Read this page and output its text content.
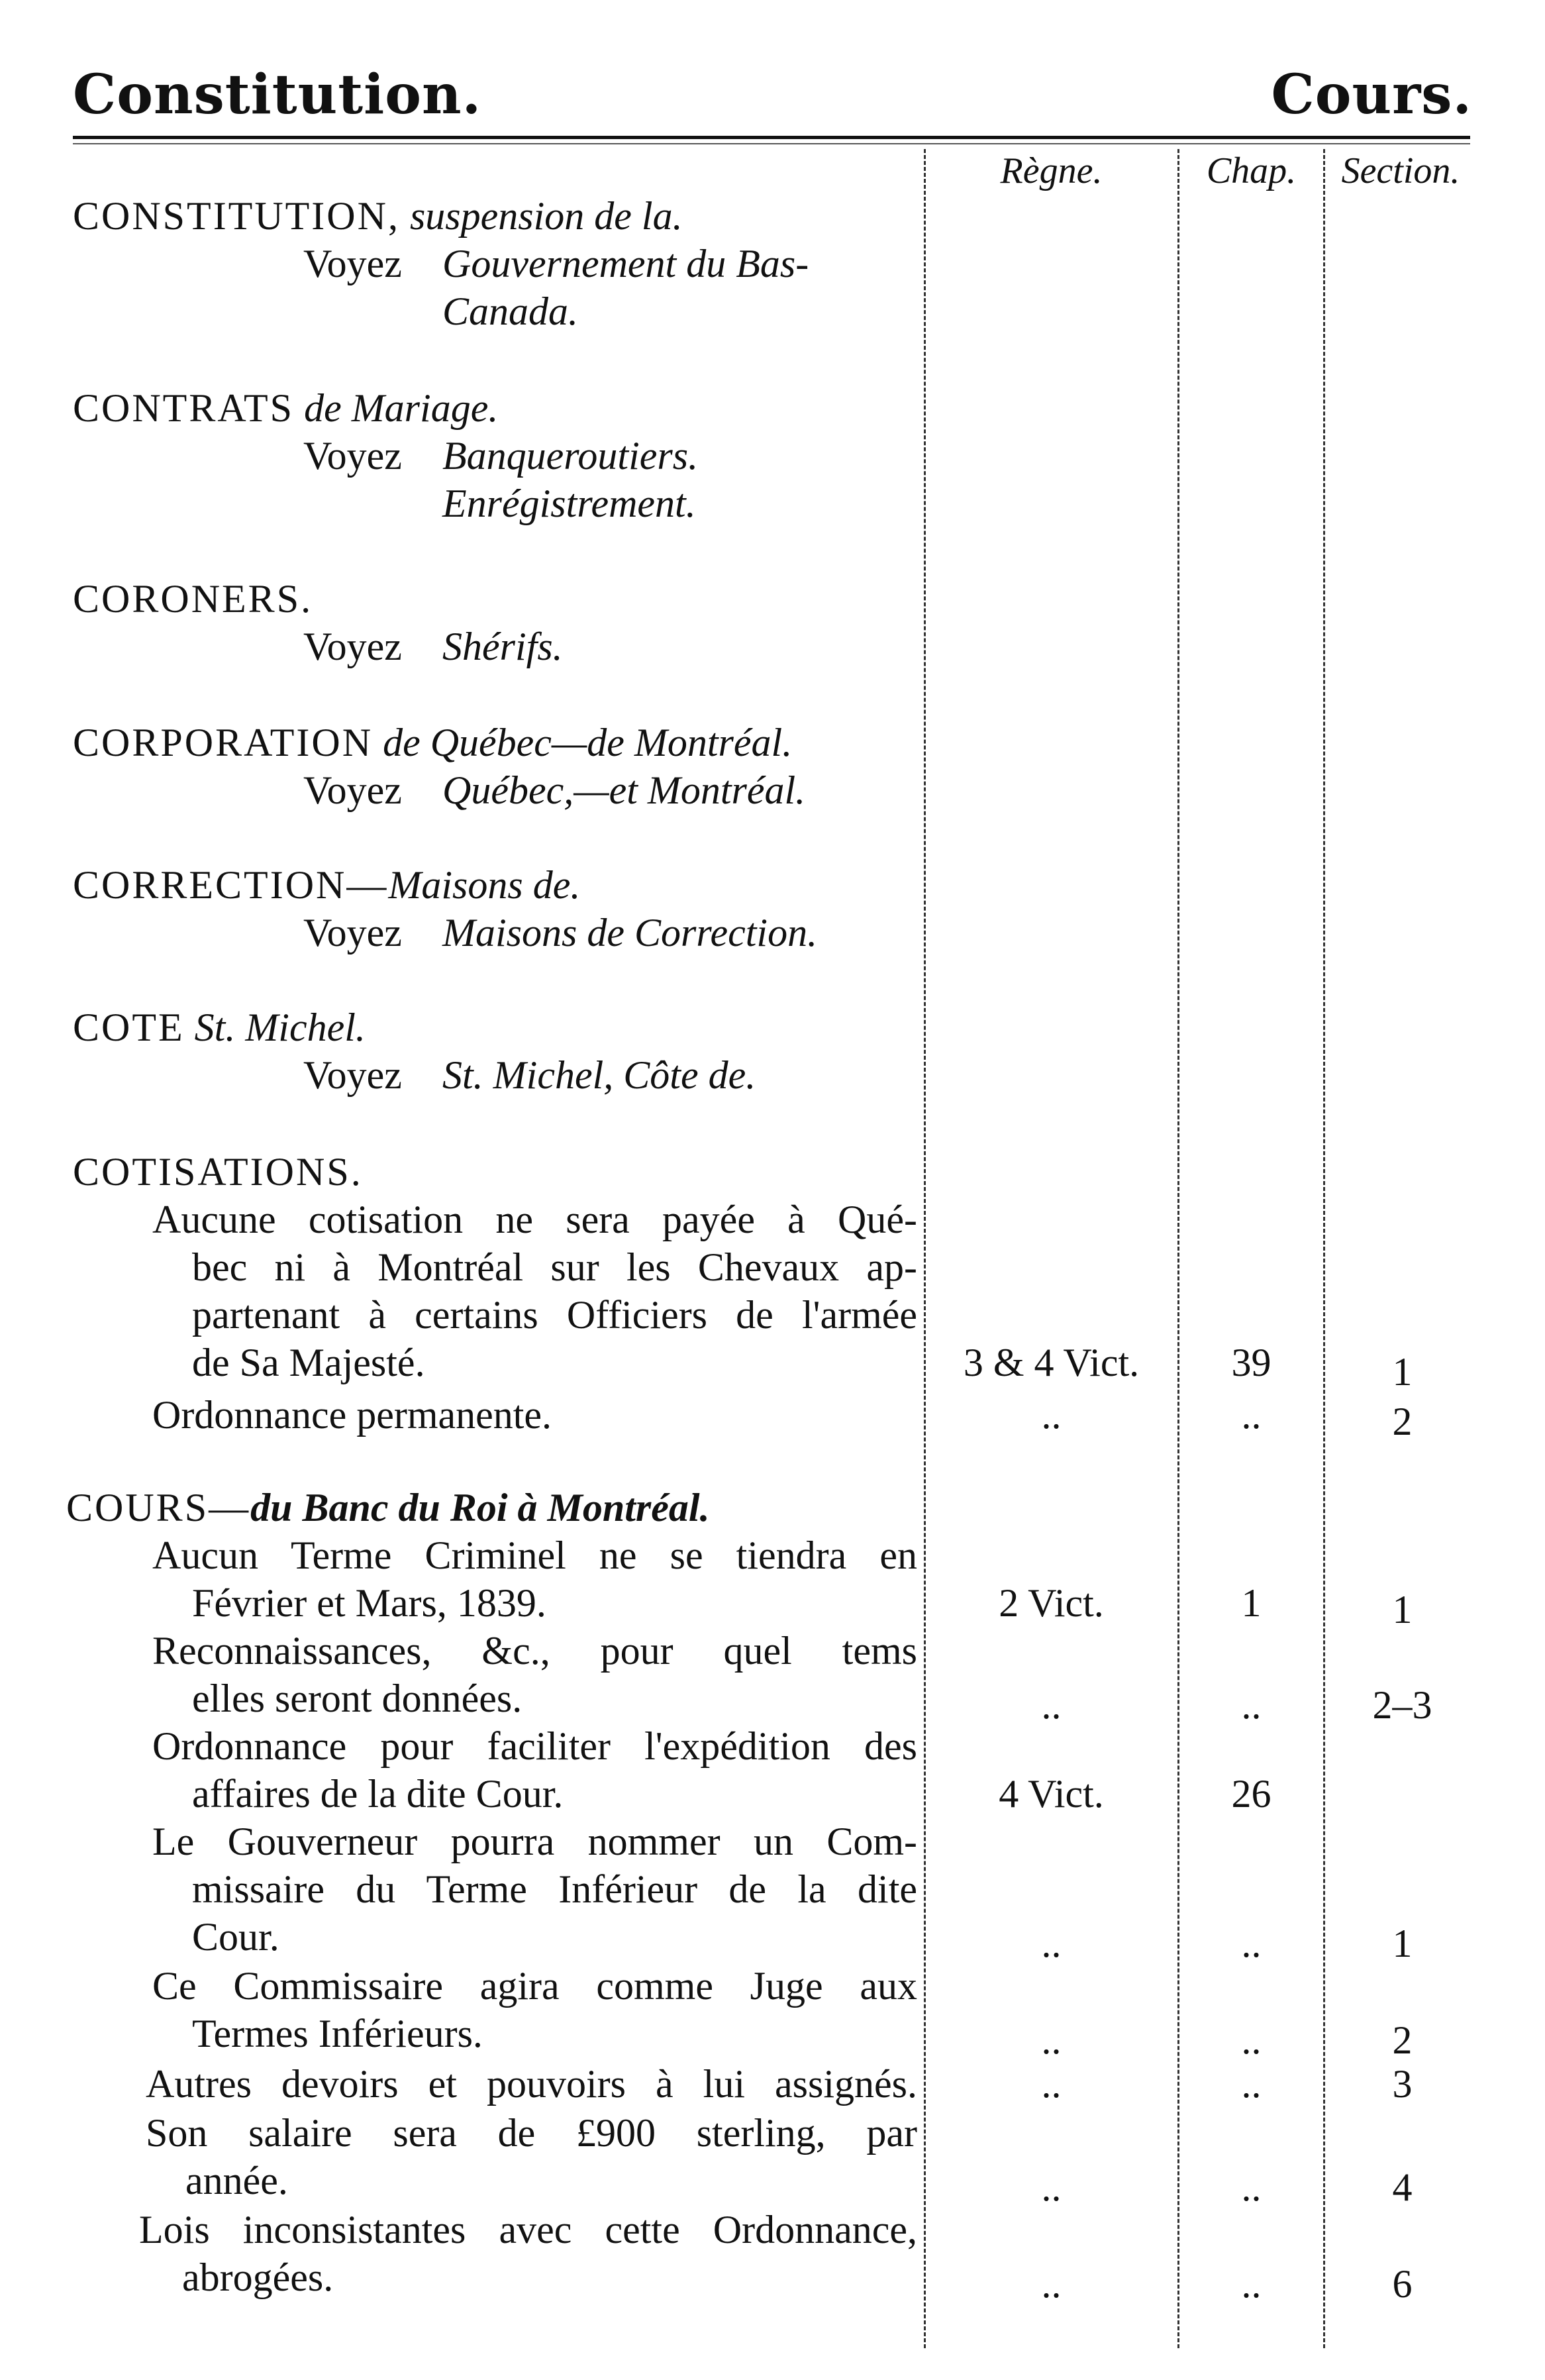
Constitution.	Cours.
Règne.	Chap.	Section.
CONSTITUTION, suspension de la.
Voyez Gouvernement du Bas-
Canada.
CONTRATS de Mariage.
Voyez Banqueroutiers.
Enrégistrement.
CORONERS.
Voyez Shérifs.
CORPORATION de Québec—de Montréal.
Voyez Québec,—et Montréal.
CORRECTION—Maisons de.
Voyez Maisons de Correction.
COTE St. Michel.
Voyez St. Michel, Côte de.
COTISATIONS.
Aucune cotisation ne sera payée à Qué-
bec ni à Montréal sur les Chevaux ap-
partenant à certains Officiers de l'armée
de Sa Majesté.	3 & 4 Vict.	39	1
Ordonnance permanente.	..	..	2
COURS—du Banc du Roi à Montréal.
Aucun Terme Criminel ne se tiendra en
Février et Mars, 1839.	2 Vict.	1	1
Reconnaissances, &c., pour quel tems
elles seront données.	..	..	2–3
Ordonnance pour faciliter l'expédition des
affaires de la dite Cour.	4 Vict.	26
Le Gouverneur pourra nommer un Com-
missaire du Terme Inférieur de la dite
Cour.	..	..	1
Ce Commissaire agira comme Juge aux
Termes Inférieurs.	..	..	2
Autres devoirs et pouvoirs à lui assignés.	..	..	3
Son salaire sera de £900 sterling, par
année.	..	..	4
Lois inconsistantes avec cette Ordonnance,
abrogées.	..	..	6
